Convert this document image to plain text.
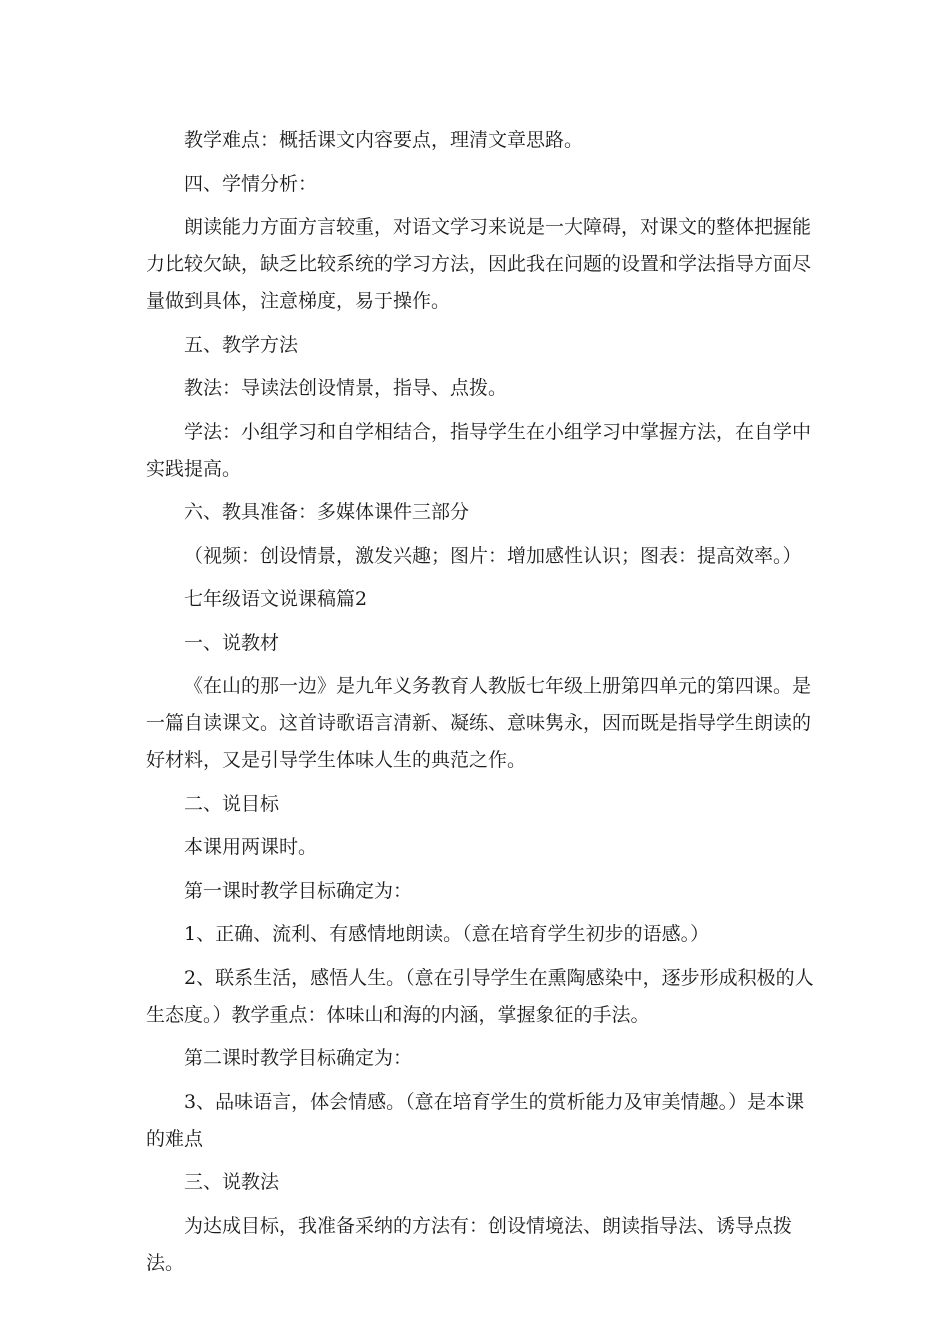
教学难点：概括课文内容要点，理清文章思路。

四、学情分析：

朗读能力方面方言较重，对语文学习来说是一大障碍，对课文的整体把握能力比较欠缺，缺乏比较系统的学习方法，因此我在问题的设置和学法指导方面尽量做到具体，注意梯度，易于操作。

五、教学方法

教法：导读法创设情景，指导、点拨。

学法：小组学习和自学相结合，指导学生在小组学习中掌握方法，在自学中实践提高。

六、教具准备：多媒体课件三部分

（视频：创设情景，激发兴趣；图片：增加感性认识；图表：提高效率。）

七年级语文说课稿篇2

一、说教材

《在山的那一边》是九年义务教育人教版七年级上册第四单元的第四课。是一篇自读课文。这首诗歌语言清新、凝练、意味隽永，因而既是指导学生朗读的好材料，又是引导学生体味人生的典范之作。

二、说目标

本课用两课时。

第一课时教学目标确定为：

1、正确、流利、有感情地朗读。（意在培育学生初步的语感。）

2、联系生活，感悟人生。（意在引导学生在熏陶感染中，逐步形成积极的人生态度。）教学重点：体味山和海的内涵，掌握象征的手法。

第二课时教学目标确定为：

3、品味语言，体会情感。（意在培育学生的赏析能力及审美情趣。）是本课的难点

三、说教法

为达成目标，我准备采纳的方法有：创设情境法、朗读指导法、诱导点拨法。
